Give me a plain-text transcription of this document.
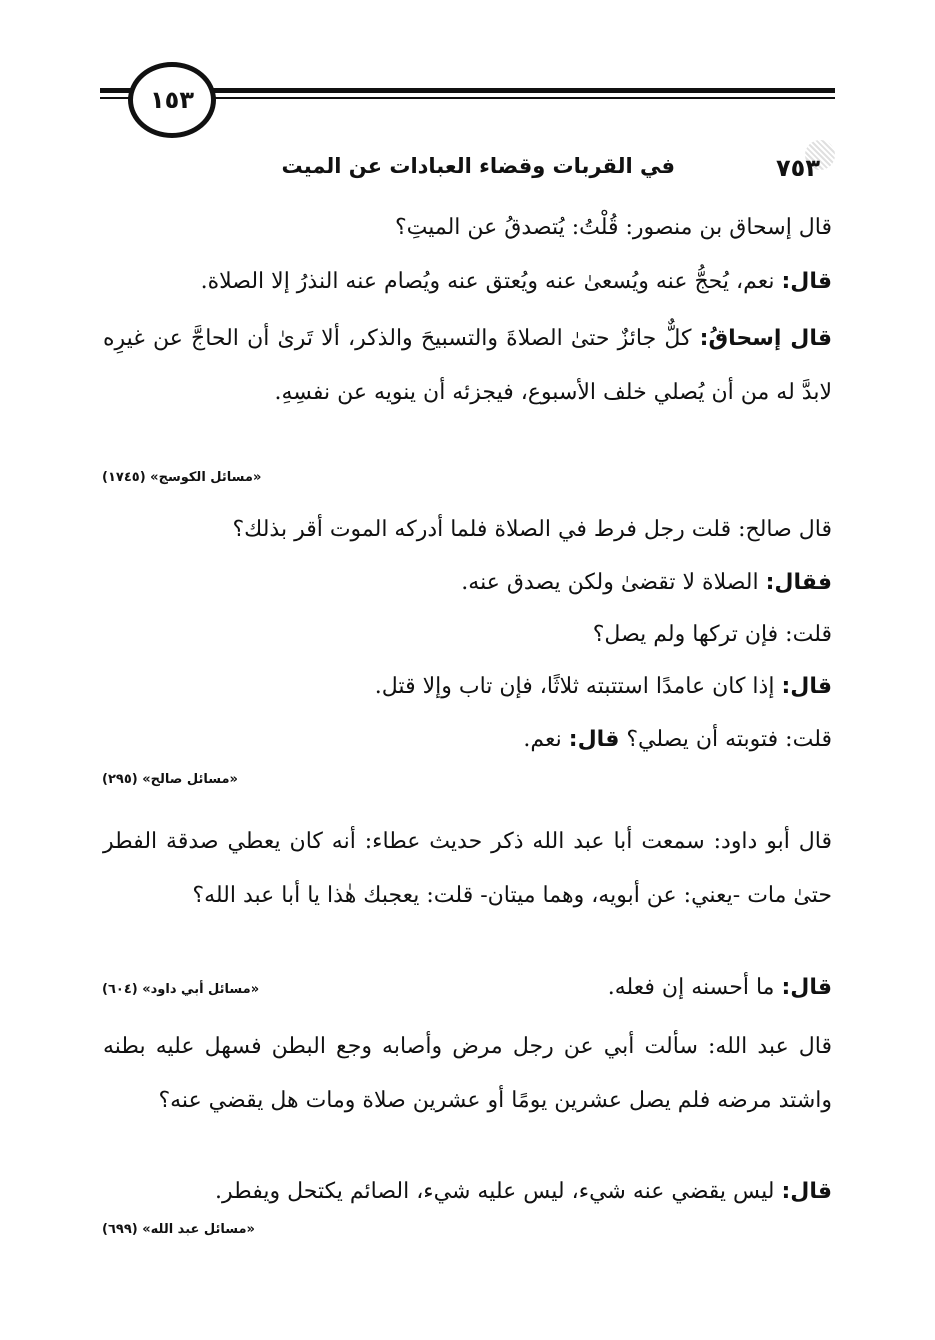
١٥٣
٧٥٣
في القربات وقضاء العبادات عن الميت
قال إسحاق بن منصور: قُلْتُ: يُتصدقُ عن الميتِ؟
قال: نعم، يُحجُّ عنه ويُسعىٰ عنه ويُعتق عنه ويُصام عنه النذرُ إلا الصلاة.
قال إسحاقُ: كلٌّ جائزٌ حتىٰ الصلاةَ والتسبيحَ والذكر، ألا تَرىٰ أن الحاجَّ عن غيرِه لابدَّ له من أن يُصلي خلف الأسبوع، فيجزئه أن ينويه عن نفسِهِ.
«مسائل الكوسج» (١٧٤٥)
قال صالح: قلت رجل فرط في الصلاة فلما أدركه الموت أقر بذلك؟
فقال: الصلاة لا تقضىٰ ولكن يصدق عنه.
قلت: فإن تركها ولم يصل؟
قال: إذا كان عامدًا استتبته ثلاثًا، فإن تاب وإلا قتل.
قلت: فتوبته أن يصلي؟ قال: نعم.
«مسائل صالح» (٢٩٥)
قال أبو داود: سمعت أبا عبد الله ذكر حديث عطاء: أنه كان يعطي صدقة الفطر حتىٰ مات -يعني: عن أبويه، وهما ميتان- قلت: يعجبك هٰذا يا أبا عبد الله؟
قال: ما أحسنه إن فعله.
«مسائل أبي داود» (٦٠٤)
قال عبد الله: سألت أبي عن رجل مرض وأصابه وجع البطن فسهل عليه بطنه واشتد مرضه فلم يصل عشرين يومًا أو عشرين صلاة ومات هل يقضي عنه؟
قال: ليس يقضي عنه شيء، ليس عليه شيء، الصائم يكتحل ويفطر.
«مسائل عبد الله» (٦٩٩)
